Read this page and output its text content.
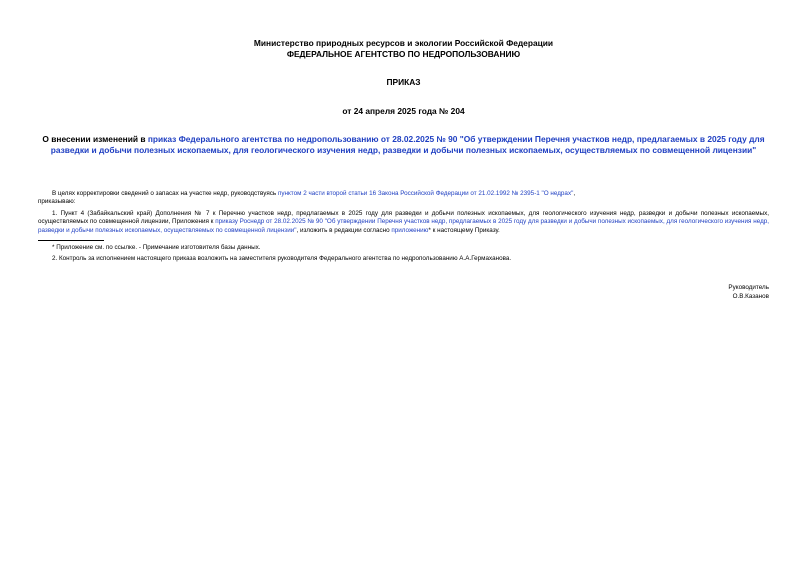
Министерство природных ресурсов и экологии Российской Федерации
ФЕДЕРАЛЬНОЕ АГЕНТСТВО ПО НЕДРОПОЛЬЗОВАНИЮ
ПРИКАЗ
от 24 апреля 2025 года № 204
О внесении изменений в приказ Федерального агентства по недропользованию от 28.02.2025 № 90 "Об утверждении Перечня участков недр, предлагаемых в 2025 году для разведки и добычи полезных ископаемых, для геологического изучения недр, разведки и добычи полезных ископаемых, осуществляемых по совмещенной лицензии"

В целях корректировки сведений о запасах на участке недр, руководствуясь пунктом 2 части второй статьи 16 Закона Российской Федерации от 21.02.1992 № 2395-1 "О недрах",

приказываю:

1. Пункт 4 (Забайкальский край) Дополнения № 7 к Перечню участков недр, предлагаемых в 2025 году для разведки и добычи полезных ископаемых, для геологического изучения недр, разведки и добычи полезных ископаемых, осуществляемых по совмещенной лицензии, Приложения к приказу Роснедр от 28.02.2025 № 90 "Об утверждении Перечня участков недр, предлагаемых в 2025 году для разведки и добычи полезных ископаемых, для геологического изучения недр, разведки и добычи полезных ископаемых, осуществляемых по совмещенной лицензии", изложить в редакции согласно приложению* к настоящему Приказу.

* Приложение см. по ссылке. - Примечание изготовителя базы данных.

2. Контроль за исполнением настоящего приказа возложить на заместителя руководителя Федерального агентства по недропользованию А.А.Гермаханова.

Руководитель
О.В.Казанов
